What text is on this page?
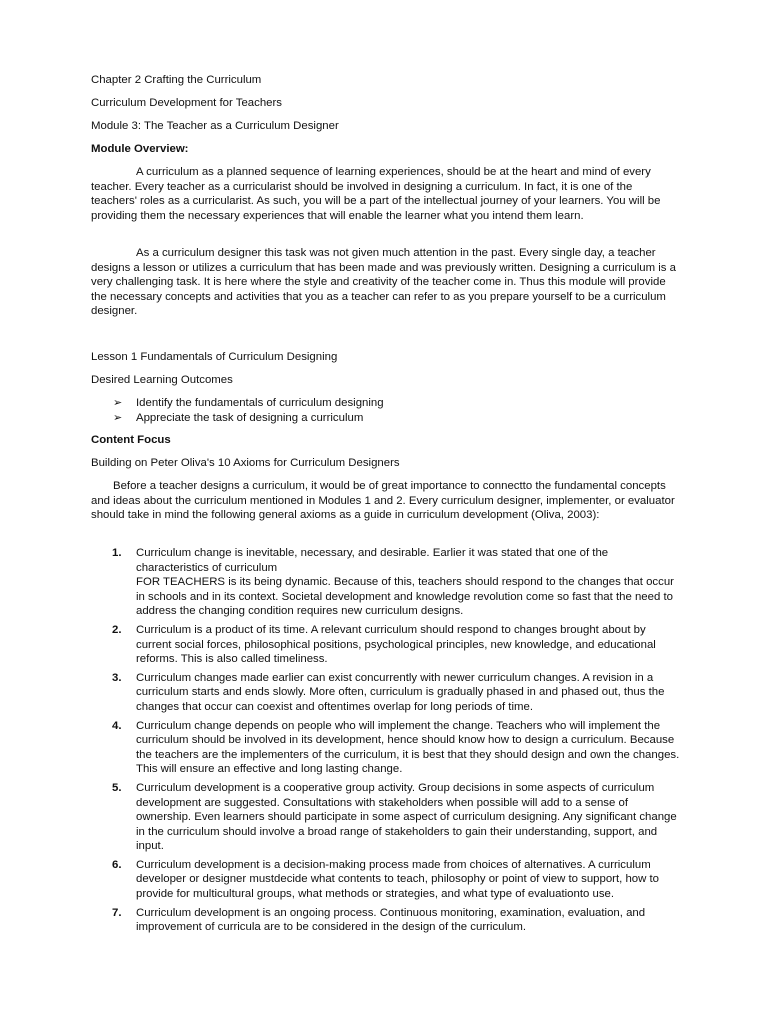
Chapter 2 Crafting the Curriculum

Curriculum Development for Teachers

Module 3: The Teacher as a Curriculum Designer

Module Overview:

A curriculum as a planned sequence of learning experiences, should be at the heart and mind of every teacher. Every teacher as a curricularist should be involved in designing a curriculum. In fact, it is one of the teachers' roles as a curricularist. As such, you will be a part of the intellectual journey of your learners. You will be providing them the necessary experiences that will enable the learner what you intend them learn.

As a curriculum designer this task was not given much attention in the past. Every single day, a teacher designs a lesson or utilizes a curriculum that has been made and was previously written. Designing a curriculum is a very challenging task. It is here where the style and creativity of the teacher come in. Thus this module will provide the necessary concepts and activities that you as a teacher can refer to as you prepare yourself to be a curriculum designer.

Lesson 1 Fundamentals of Curriculum Designing

Desired Learning Outcomes

➢ Identify the fundamentals of curriculum designing
➢ Appreciate the task of designing a curriculum

Content Focus

Building on Peter Oliva's 10 Axioms for Curriculum Designers

Before a teacher designs a curriculum, it would be of great importance to connectto the fundamental concepts and ideas about the curriculum mentioned in Modules 1 and 2. Every curriculum designer, implementer, or evaluator should take in mind the following general axioms as a guide in curriculum development (Oliva, 2003):

1. Curriculum change is inevitable, necessary, and desirable. Earlier it was stated that one of the characteristics of curriculum
FOR TEACHERS is its being dynamic. Because of this, teachers should respond to the changes that occur in schools and in its context. Societal development and knowledge revolution come so fast that the need to address the changing condition requires new curriculum designs.
2. Curriculum is a product of its time. A relevant curriculum should respond to changes brought about by current social forces, philosophical positions, psychological principles, new knowledge, and educational reforms. This is also called timeliness.
3. Curriculum changes made earlier can exist concurrently with newer curriculum changes. A revision in a curriculum starts and ends slowly. More often, curriculum is gradually phased in and phased out, thus the changes that occur can coexist and oftentimes overlap for long periods of time.
4. Curriculum change depends on people who will implement the change. Teachers who will implement the curriculum should be involved in its development, hence should know how to design a curriculum. Because the teachers are the implementers of the curriculum, it is best that they should design and own the changes. This will ensure an effective and long lasting change.
5. Curriculum development is a cooperative group activity. Group decisions in some aspects of curriculum development are suggested. Consultations with stakeholders when possible will add to a sense of ownership. Even learners should participate in some aspect of curriculum designing. Any significant change in the curriculum should involve a broad range of stakeholders to gain their understanding, support, and input.
6. Curriculum development is a decision-making process made from choices of alternatives. A curriculum developer or designer mustdecide what contents to teach, philosophy or point of view to support, how to provide for multicultural groups, what methods or strategies, and what type of evaluationto use.
7. Curriculum development is an ongoing process. Continuous monitoring, examination, evaluation, and improvement of curricula are to be considered in the design of the curriculum.
